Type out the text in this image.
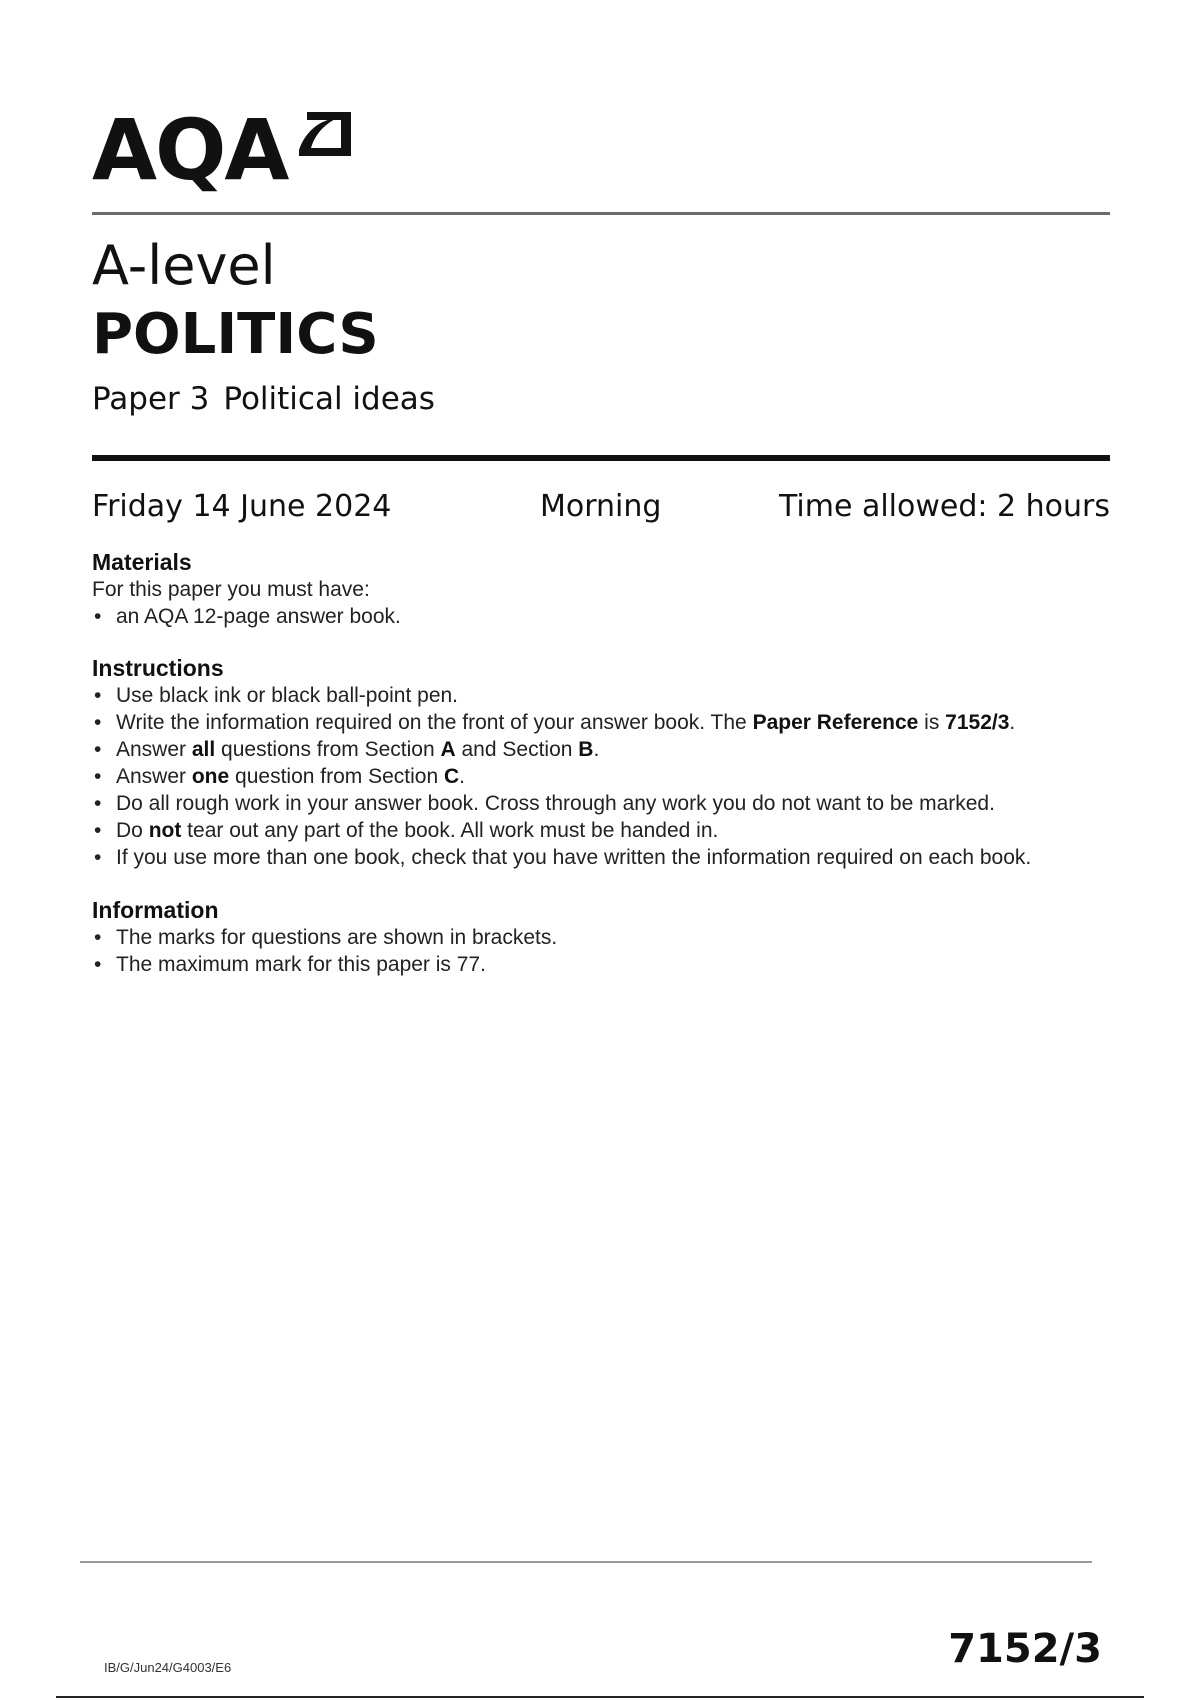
AQA
A-level
POLITICS
Paper 3 Political ideas
Friday 14 June 2024	Morning	Time allowed: 2 hours
Materials

For this paper you must have:

• an AQA 12-page answer book.
Instructions
• Use black ink or black ball-point pen.
• Write the information required on the front of your answer book. The Paper Reference is 7152/3.
• Answer all questions from Section A and Section B.
• Answer one question from Section C.
• Do all rough work in your answer book. Cross through any work you do not want to be marked.
• Do not tear out any part of the book. All work must be handed in.
• If you use more than one book, check that you have written the information required on each book.
Information
• The marks for questions are shown in brackets.
• The maximum mark for this paper is 77.
IB/G/Jun24/G4003/E6	7152/3
